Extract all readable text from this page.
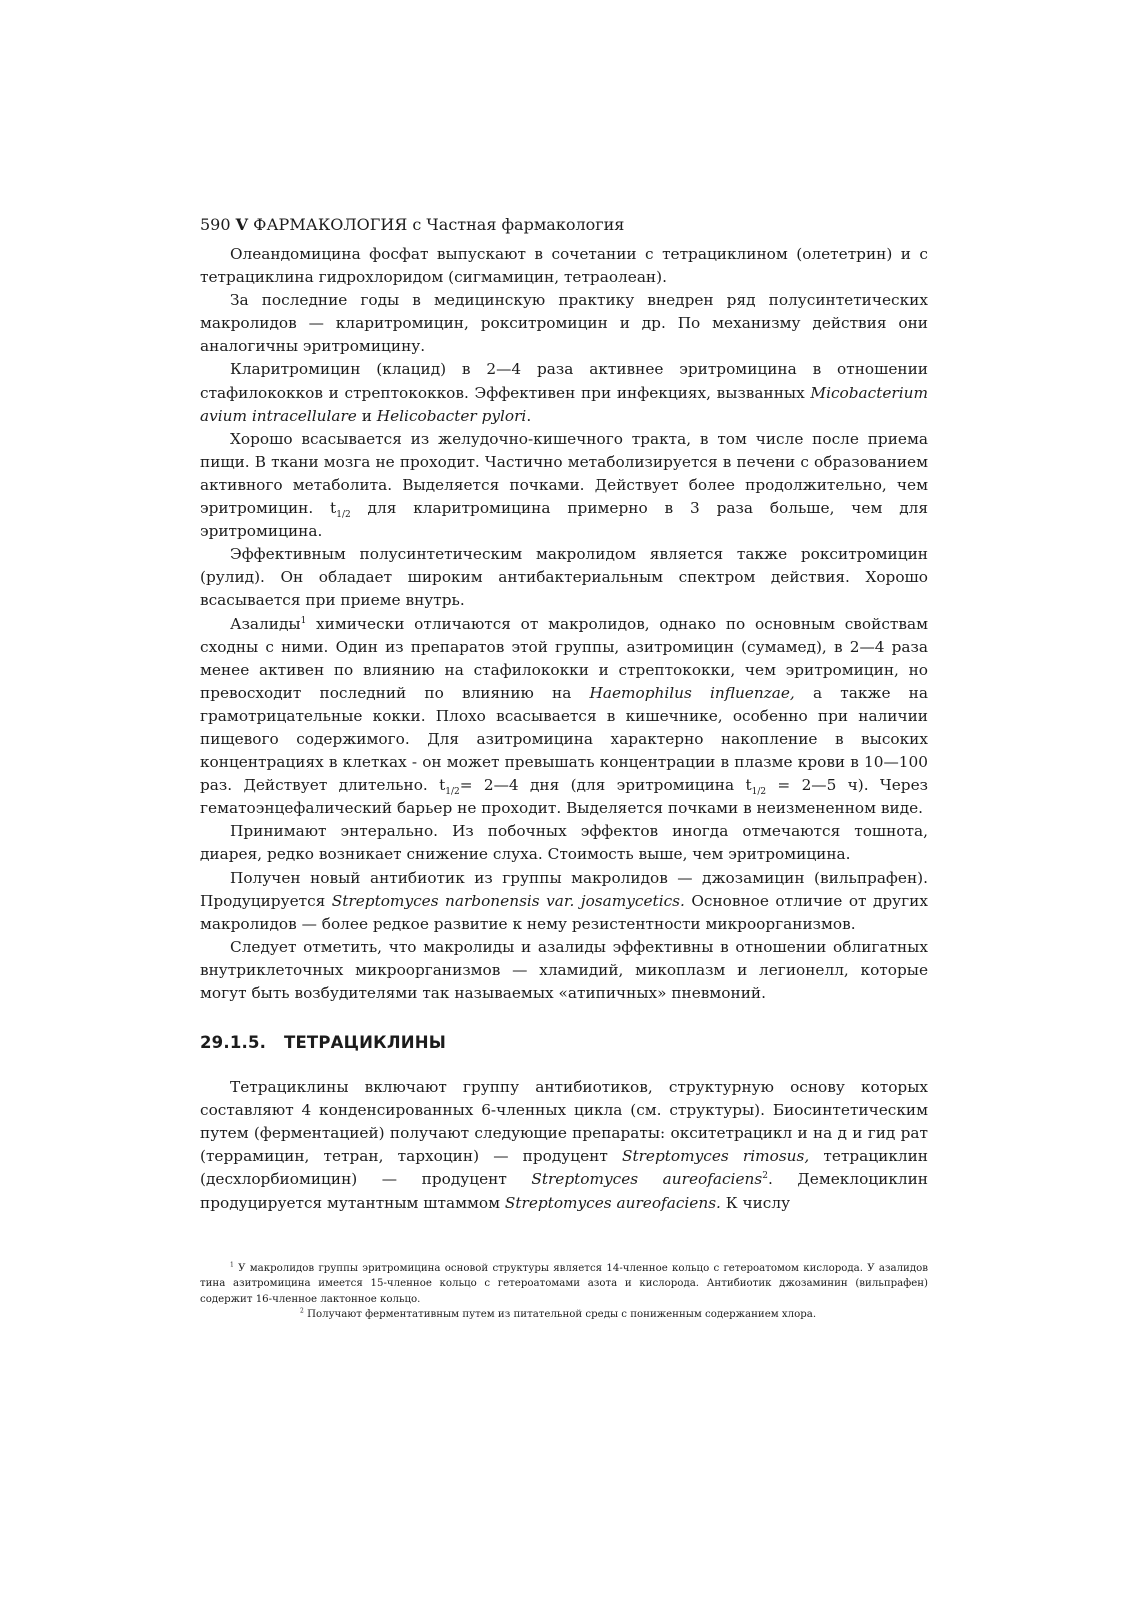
590 V ФАРМАКОЛОГИЯ с Частная фармакология

Олеандомицина фосфат выпускают в сочетании с тетрациклином (олететрин) и с тетрациклина гидрохлоридом (сигмамицин, тетраолеан).

За последние годы в медицинскую практику внедрен ряд полусинтетических макролидов — кларитромицин, рокситромицин и др. По механизму действия они аналогичны эритромицину.

Кларитромицин (клацид) в 2—4 раза активнее эритромицина в отношении стафилококков и стрептококков. Эффективен при инфекциях, вызванных Micobacterium avium intracellulare и Helicobacter pylori.

Хорошо всасывается из желудочно-кишечного тракта, в том числе после приема пищи. В ткани мозга не проходит. Частично метаболизируется в печени с образованием активного метаболита. Выделяется почками. Действует более продолжительно, чем эритромицин. $t_{1/2}$ для кларитромицина примерно в 3 раза больше, чем для эритромицина.

Эффективным полусинтетическим макролидом является также рокситромицин (рулид). Он обладает широким антибактериальным спектром действия. Хорошо всасывается при приеме внутрь.

Азалиды$^1$ химически отличаются от макролидов, однако по основным свойствам сходны с ними. Один из препаратов этой группы, азитромицин (сумамед), в 2—4 раза менее активен по влиянию на стафилококки и стрептококки, чем эритромицин, но превосходит последний по влиянию на Haemophilus influenzae, а также на грамотрицательные кокки. Плохо всасывается в кишечнике, особенно при наличии пищевого содержимого. Для азитромицина характерно накопление в высоких концентрациях в клетках - он может превышать концентрации в плазме крови в 10—100 раз. Действует длительно. $t_{1/2}=$ 2—4 дня (для эритромицина $t_{1/2}$ = 2—5 ч). Через гематоэнцефалический барьер не проходит. Выделяется почками в неизмененном виде.

Принимают энтерально. Из побочных эффектов иногда отмечаются тошнота, диарея, редко возникает снижение слуха. Стоимость выше, чем эритромицина.

Получен новый антибиотик из группы макролидов — джозамицин (вильпрафен). Продуцируется Streptomyces narbonensis var. josamycetics. Основное отличие от других макролидов — более редкое развитие к нему резистентности микроорганизмов.

Следует отметить, что макролиды и азалиды эффективны в отношении облигатных внутриклеточных микроорганизмов — хламидий, микоплазм и легионелл, которые могут быть возбудителями так называемых «атипичных» пневмоний.

29.1.5. ТЕТРАЦИКЛИНЫ

Тетрациклины включают группу антибиотиков, структурную основу которых составляют 4 конденсированных 6-членных цикла (см. структуры). Биосинтетическим путем (ферментацией) получают следующие препараты: окситетрацикл и на д и гид рат (террамицин, тетран, тархоцин) — продуцент Streptomyces rimosus, тетрациклин (десхлорбиомицин) — продуцент Streptomyces aureofaciens$^2$. Демеклоциклин продуцируется мутантным штаммом Streptomyces aureofaciens. К числу

$^1$ У макролидов группы эритромицина основой структуры является 14-членное кольцо с гетероатомом кислорода. У азалидов тина азитромицина имеется 15-членное кольцо с гетероатомами азота и кислорода. Антибиотик джозаминин (вильпрафен) содержит 16-членное лактонное кольцо.

$^2$ Получают ферментативным путем из питательной среды с пониженным содержанием хлора.
